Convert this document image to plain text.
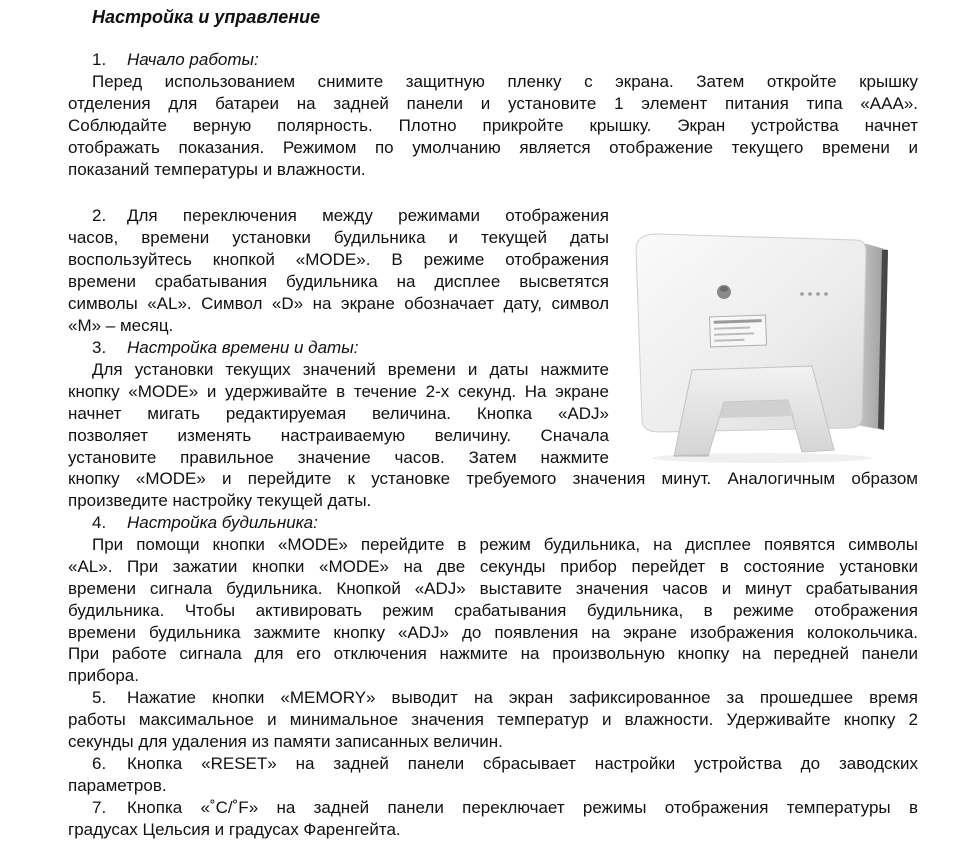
Настройка и управление

1. Начало работы:

Перед использованием снимите защитную пленку с экрана. Затем откройте крышку

отделения для батареи на задней панели и установите 1 элемент питания типа «AAA».

Соблюдайте верную полярность. Плотно прикройте крышку. Экран устройства начнет

отображать показания. Режимом по умолчанию является отображение текущего времени и

показаний температуры и влажности.

2. Для переключения между режимами отображения

часов, времени установки будильника и текущей даты

воспользуйтесь кнопкой «MODE». В режиме отображения

времени срабатывания будильника на дисплее высветятся

символы «AL». Символ «D» на экране обозначает дату, символ

«M» – месяц.

3. Настройка времени и даты:

Для установки текущих значений времени и даты нажмите

кнопку «MODE» и удерживайте в течение 2-х секунд. На экране

начнет мигать редактируемая величина. Кнопка «ADJ»

позволяет изменять настраиваемую величину. Сначала

установите правильное значение часов. Затем нажмите

кнопку «MODE» и перейдите к установке требуемого значения минут. Аналогичным образом

произведите настройку текущей даты.

4. Настройка будильника:

При помощи кнопки «MODE» перейдите в режим будильника, на дисплее появятся символы

«AL». При зажатии кнопки «MODE» на две секунды прибор перейдет в состояние установки

времени сигнала будильника. Кнопкой «ADJ» выставите значения часов и минут срабатывания

будильника. Чтобы активировать режим срабатывания будильника, в режиме отображения

времени будильника зажмите кнопку «ADJ» до появления на экране изображения колокольчика.

При работе сигнала для его отключения нажмите на произвольную кнопку на передней панели

прибора.

5. Нажатие кнопки «MEMORY» выводит на экран зафиксированное за прошедшее время

работы максимальное и минимальное значения температур и влажности. Удерживайте кнопку 2

секунды для удаления из памяти записанных величин.

6. Кнопка «RESET» на задней панели сбрасывает настройки устройства до заводских

параметров.

7. Кнопка «˚C/˚F» на задней панели переключает режимы отображения температуры в

градусах Цельсия и градусах Фаренгейта.
